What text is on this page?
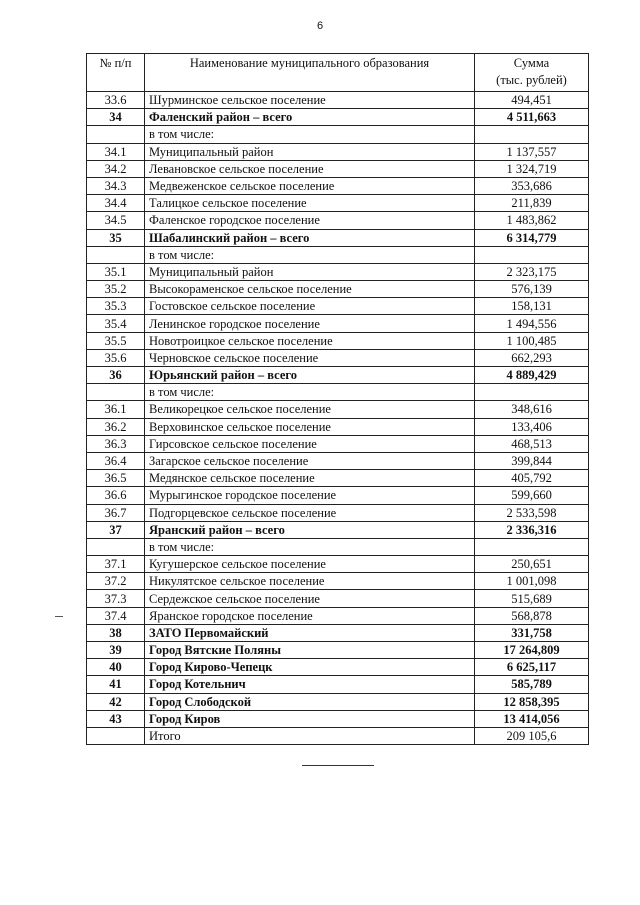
6
№ п/п	Наименование муниципального образования	Сумма
(тыс. рублей)
33.6	Шурминское сельское поселение	494,451
34	Фаленский район – всего	4 511,663
	в том числе:	
34.1	Муниципальный район	1 137,557
34.2	Левановское сельское поселение	1 324,719
34.3	Медвеженское сельское поселение	353,686
34.4	Талицкое сельское поселение	211,839
34.5	Фаленское городское поселение	1 483,862
35	Шабалинский район – всего	6 314,779
	в том числе:	
35.1	Муниципальный район	2 323,175
35.2	Высокораменское сельское поселение	576,139
35.3	Гостовское сельское поселение	158,131
35.4	Ленинское городское поселение	1 494,556
35.5	Новотроицкое сельское поселение	1 100,485
35.6	Черновское сельское поселение	662,293
36	Юрьянский район – всего	4 889,429
	в том числе:	
36.1	Великорецкое сельское поселение	348,616
36.2	Верховинское сельское поселение	133,406
36.3	Гирсовское сельское поселение	468,513
36.4	Загарское сельское поселение	399,844
36.5	Медянское сельское поселение	405,792
36.6	Мурыгинское городское поселение	599,660
36.7	Подгорцевское сельское поселение	2 533,598
37	Яранский район – всего	2 336,316
	в том числе:	
37.1	Кугушерское сельское поселение	250,651
37.2	Никулятское сельское поселение	1 001,098
37.3	Сердежское сельское поселение	515,689
37.4	Яранское городское поселение	568,878
38	ЗАТО Первомайский	331,758
39	Город Вятские Поляны	17 264,809
40	Город Кирово-Чепецк	6 625,117
41	Город Котельнич	585,789
42	Город Слободской	12 858,395
43	Город Киров	13 414,056
	Итого	209 105,6
